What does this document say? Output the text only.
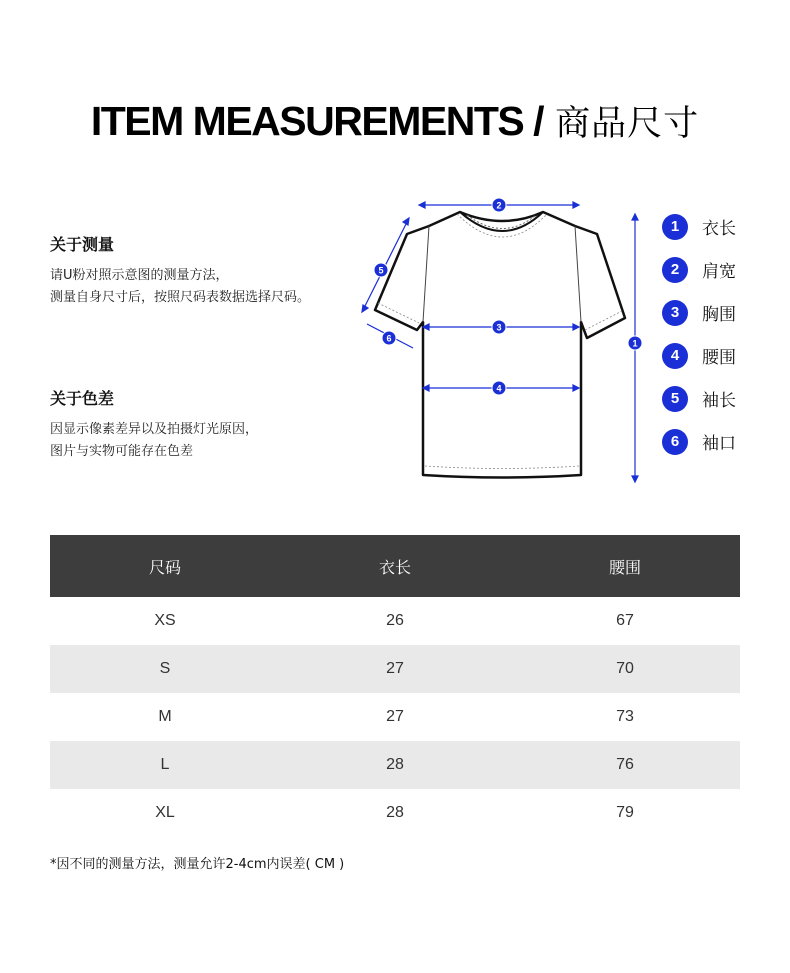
ITEM MEASUREMENTS / 商品尺寸
关于测量
请U粉对照示意图的测量方法，
测量自身尺寸后，按照尺码表数据选择尺码。
关于色差
因显示像素差异以及拍摄灯光原因，
图片与实物可能存在色差
2
3
4
1
5
6
1	衣长
2	肩宽
3	胸围
4	腰围
5	袖长
6	袖口
尺码	衣长	腰围
XS	26	67
S	27	70
M	27	73
L	28	76
XL	28	79
*因不同的测量方法，测量允许2-4cm内误差( CM )
